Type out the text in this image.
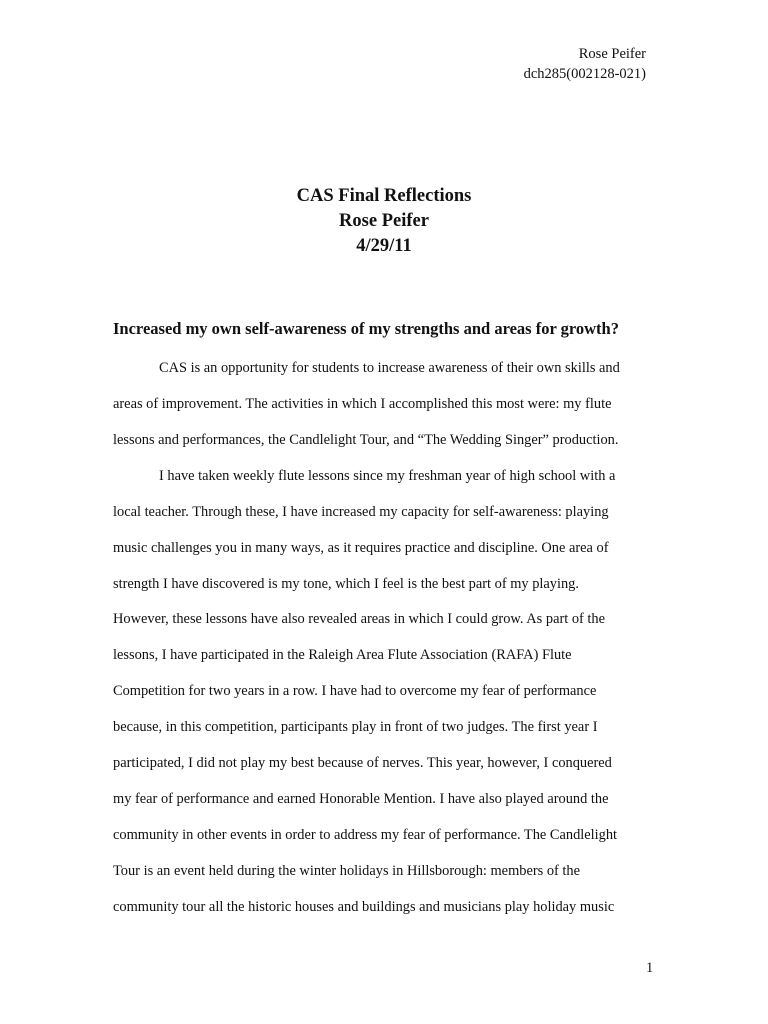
Rose Peifer
dch285(002128-021)
CAS Final Reflections
Rose Peifer
4/29/11
Increased my own self-awareness of my strengths and areas for growth?
CAS is an opportunity for students to increase awareness of their own skills and
areas of improvement. The activities in which I accomplished this most were: my flute
lessons and performances, the Candlelight Tour, and “The Wedding Singer” production.
I have taken weekly flute lessons since my freshman year of high school with a
local teacher. Through these, I have increased my capacity for self-awareness: playing
music challenges you in many ways, as it requires practice and discipline. One area of
strength I have discovered is my tone, which I feel is the best part of my playing.
However, these lessons have also revealed areas in which I could grow. As part of the
lessons, I have participated in the Raleigh Area Flute Association (RAFA) Flute
Competition for two years in a row. I have had to overcome my fear of performance
because, in this competition, participants play in front of two judges. The first year I
participated, I did not play my best because of nerves. This year, however, I conquered
my fear of performance and earned Honorable Mention. I have also played around the
community in other events in order to address my fear of performance. The Candlelight
Tour is an event held during the winter holidays in Hillsborough: members of the
community tour all the historic houses and buildings and musicians play holiday music
1
